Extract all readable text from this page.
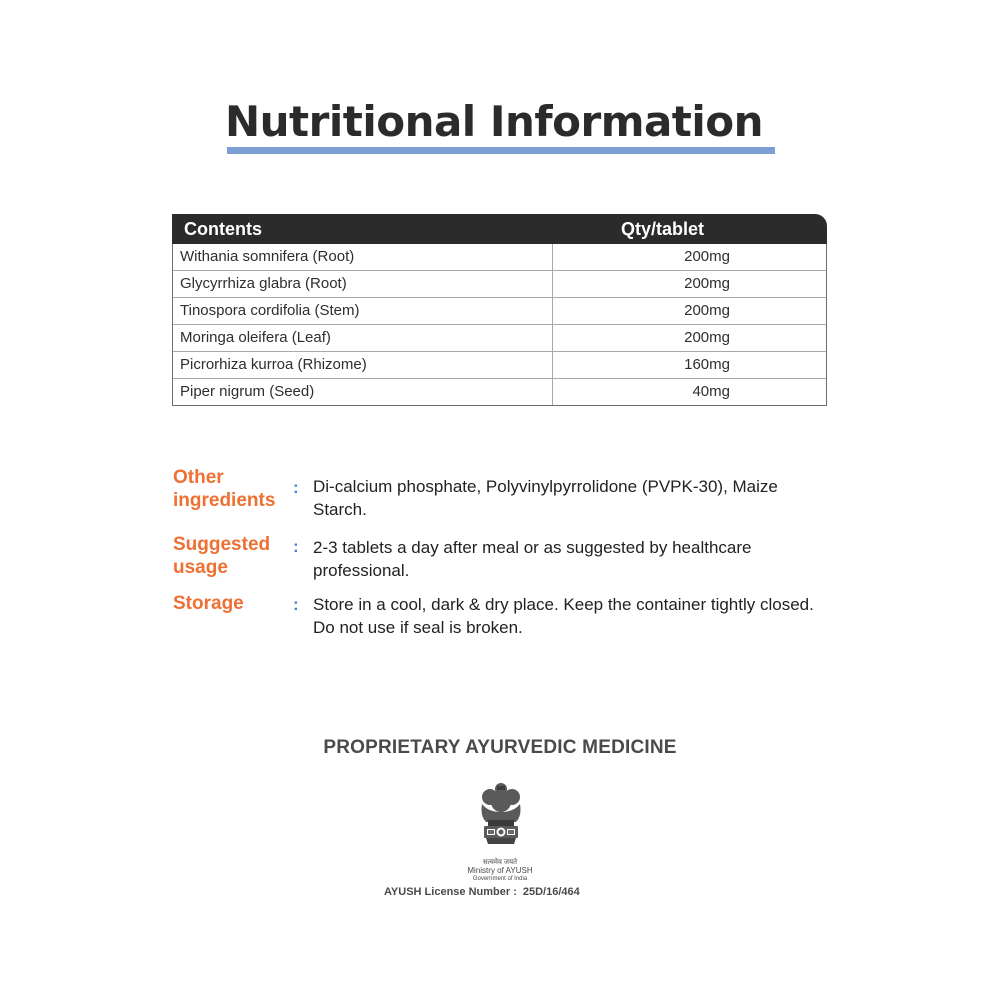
Nutritional Information
Contents	Qty/tablet
Withania somnifera (Root)	200mg
Glycyrrhiza glabra (Root)	200mg
Tinospora cordifolia (Stem)	200mg
Moringa oleifera (Leaf)	200mg
Picrorhiza kurroa (Rhizome)	160mg
Piper nigrum (Seed)	40mg
Other ingredients
: Di-calcium phosphate, Polyvinylpyrrolidone (PVPK-30), Maize Starch.
Suggested usage
: 2-3 tablets a day after meal or as suggested by healthcare professional.
Storage	: Store in a cool, dark & dry place. Keep the container tightly closed. Do not use if seal is broken.
PROPRIETARY AYURVEDIC MEDICINE
सत्यमेव जयते
Ministry of AYUSH
Government of India
AYUSH License Number : 25D/16/464
